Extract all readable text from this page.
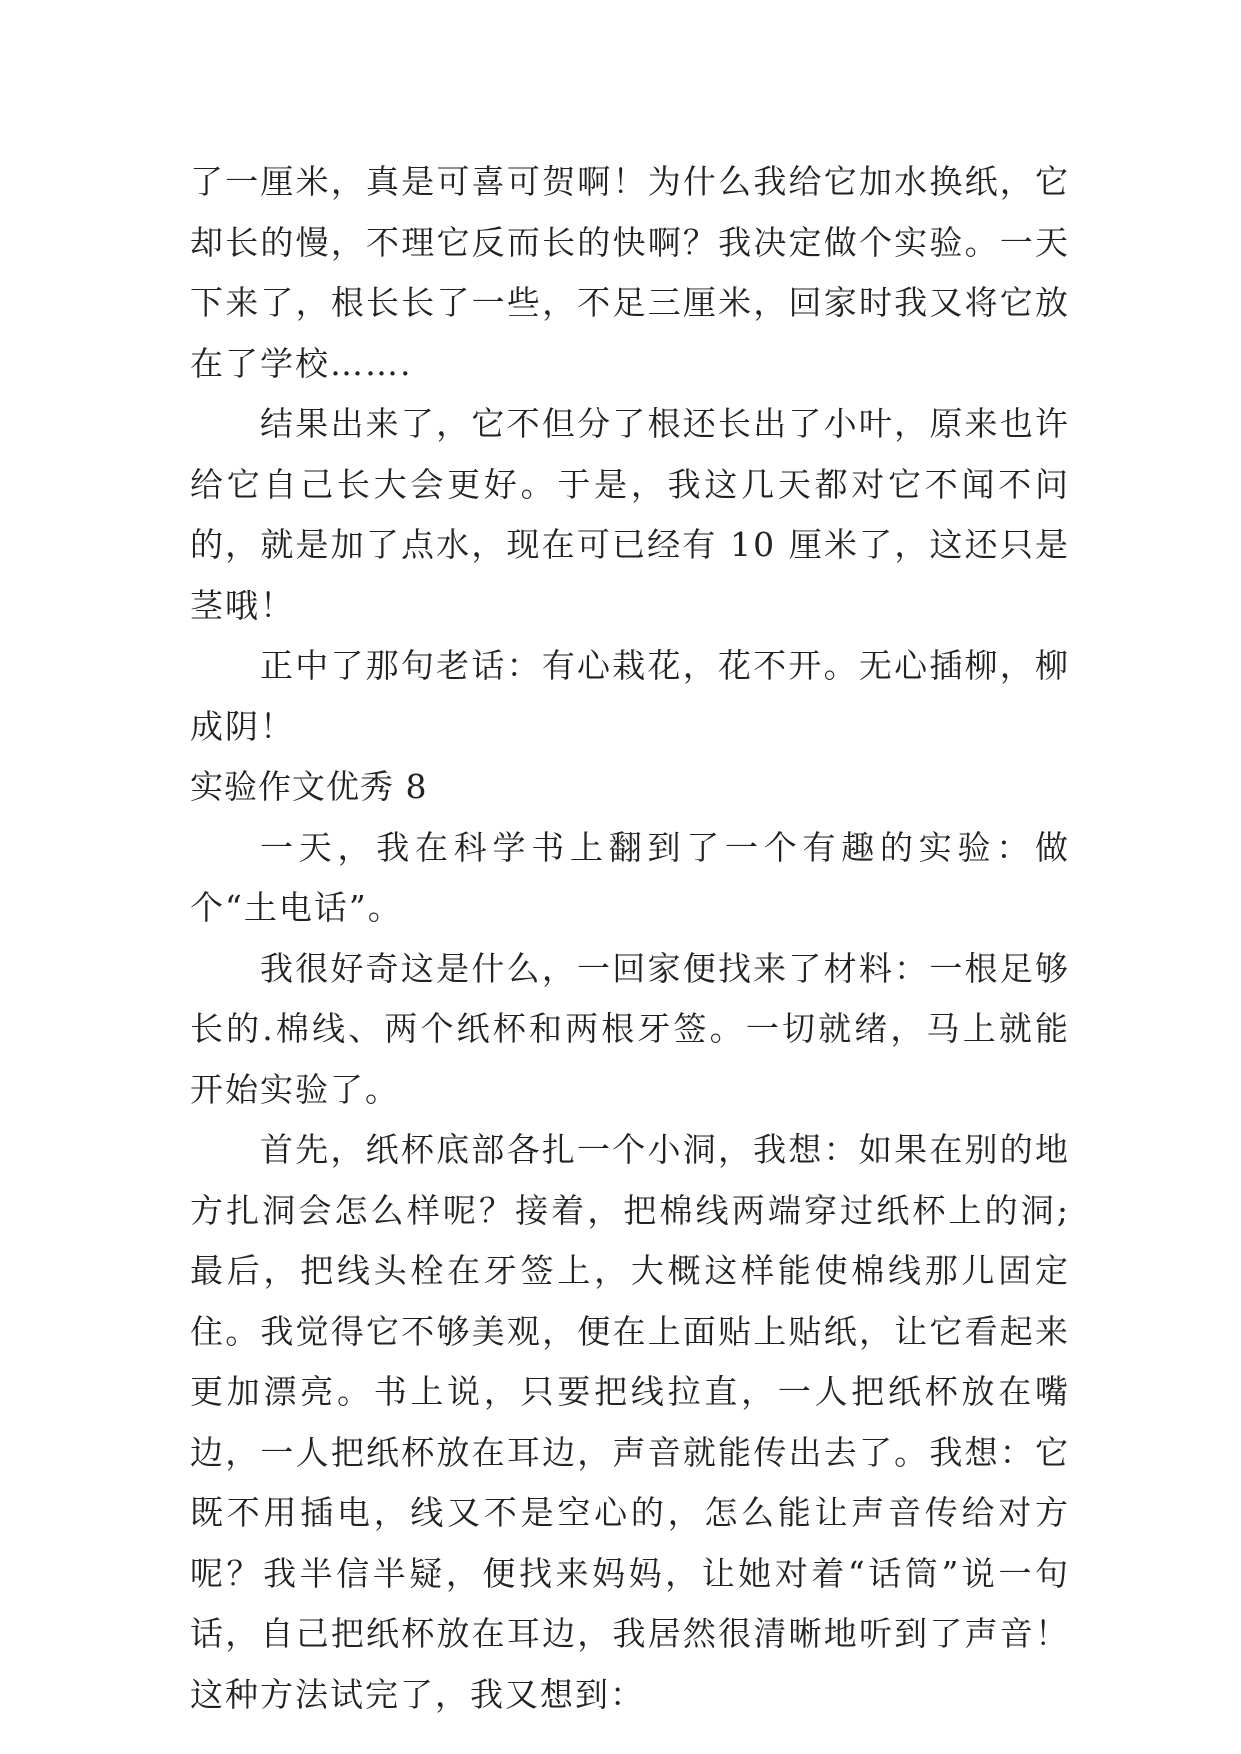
了一厘米，真是可喜可贺啊！为什么我给它加水换纸，它却长的慢，不理它反而长的快啊？我决定做个实验。一天下来了，根长长了一些，不足三厘米，回家时我又将它放在了学校…….

结果出来了，它不但分了根还长出了小叶，原来也许给它自己长大会更好。于是，我这几天都对它不闻不问的，就是加了点水，现在可已经有 10 厘米了，这还只是茎哦！

正中了那句老话：有心栽花，花不开。无心插柳，柳成阴！

实验作文优秀 8

一天，我在科学书上翻到了一个有趣的实验：做个“土电话”。

我很好奇这是什么，一回家便找来了材料：一根足够长的.棉线、两个纸杯和两根牙签。一切就绪，马上就能开始实验了。

首先，纸杯底部各扎一个小洞，我想：如果在别的地方扎洞会怎么样呢？接着，把棉线两端穿过纸杯上的洞;最后，把线头栓在牙签上，大概这样能使棉线那儿固定住。我觉得它不够美观，便在上面贴上贴纸，让它看起来更加漂亮。书上说，只要把线拉直，一人把纸杯放在嘴边，一人把纸杯放在耳边，声音就能传出去了。我想：它既不用插电，线又不是空心的，怎么能让声音传给对方呢？我半信半疑，便找来妈妈，让她对着“话筒”说一句话，自己把纸杯放在耳边，我居然很清晰地听到了声音！这种方法试完了，我又想到：
